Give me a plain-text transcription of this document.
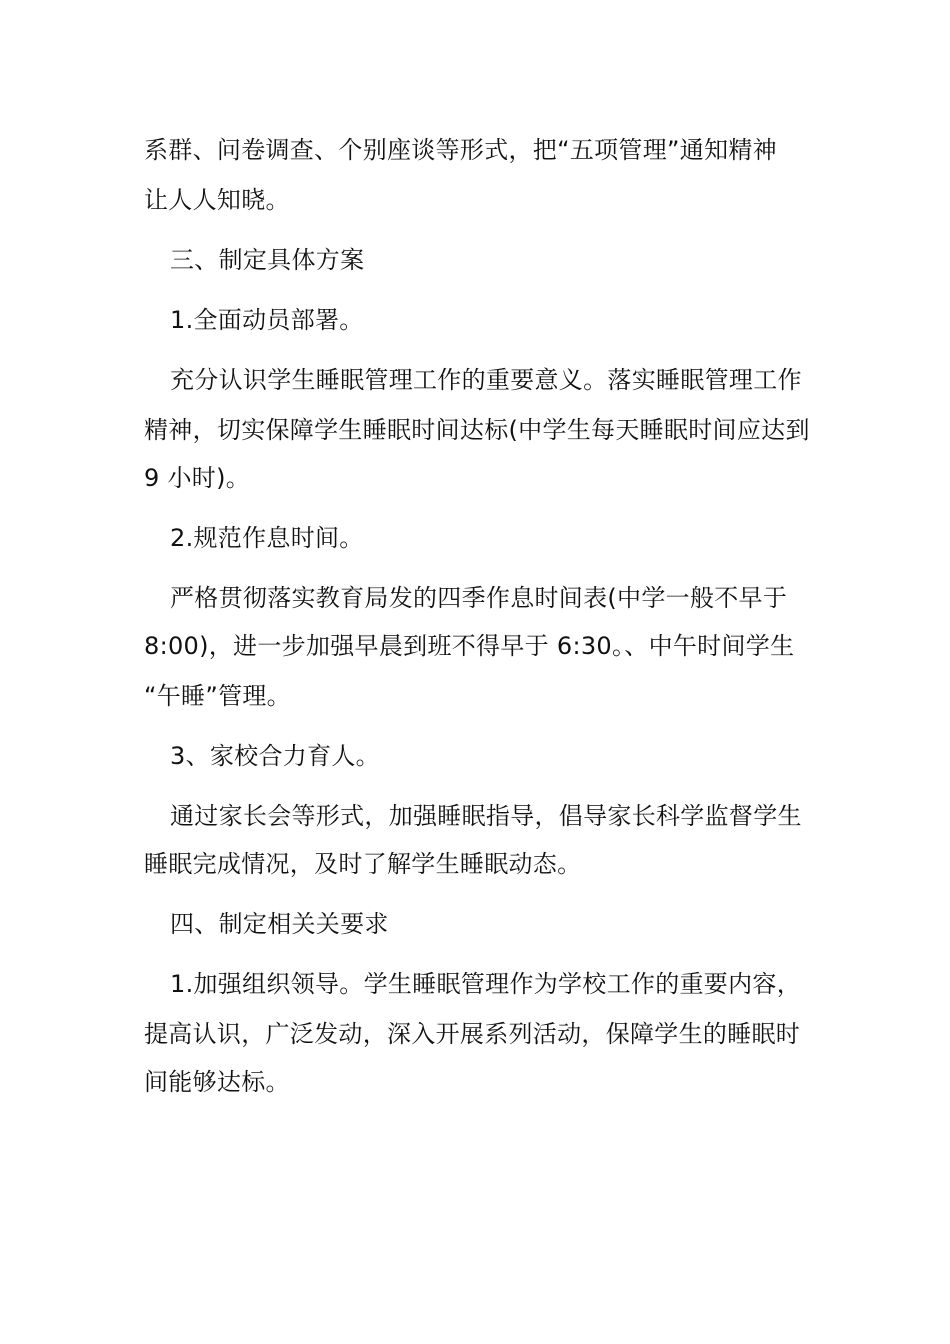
系群、问卷调查、个别座谈等形式，把“五项管理”通知精神
让人人知晓。
三、制定具体方案
1.全面动员部署。
充分认识学生睡眠管理工作的重要意义。落实睡眠管理工作
精神，切实保障学生睡眠时间达标(中学生每天睡眠时间应达到
9 小时)。
2.规范作息时间。
严格贯彻落实教育局发的四季作息时间表(中学一般不早于
8:00)，进一步加强早晨到班不得早于 6:30。、中午时间学生
“午睡”管理。
3、家校合力育人。
通过家长会等形式，加强睡眠指导，倡导家长科学监督学生
睡眠完成情况，及时了解学生睡眠动态。
四、制定相关关要求
1.加强组织领导。学生睡眠管理作为学校工作的重要内容，
提高认识，广泛发动，深入开展系列活动，保障学生的睡眠时
间能够达标。
